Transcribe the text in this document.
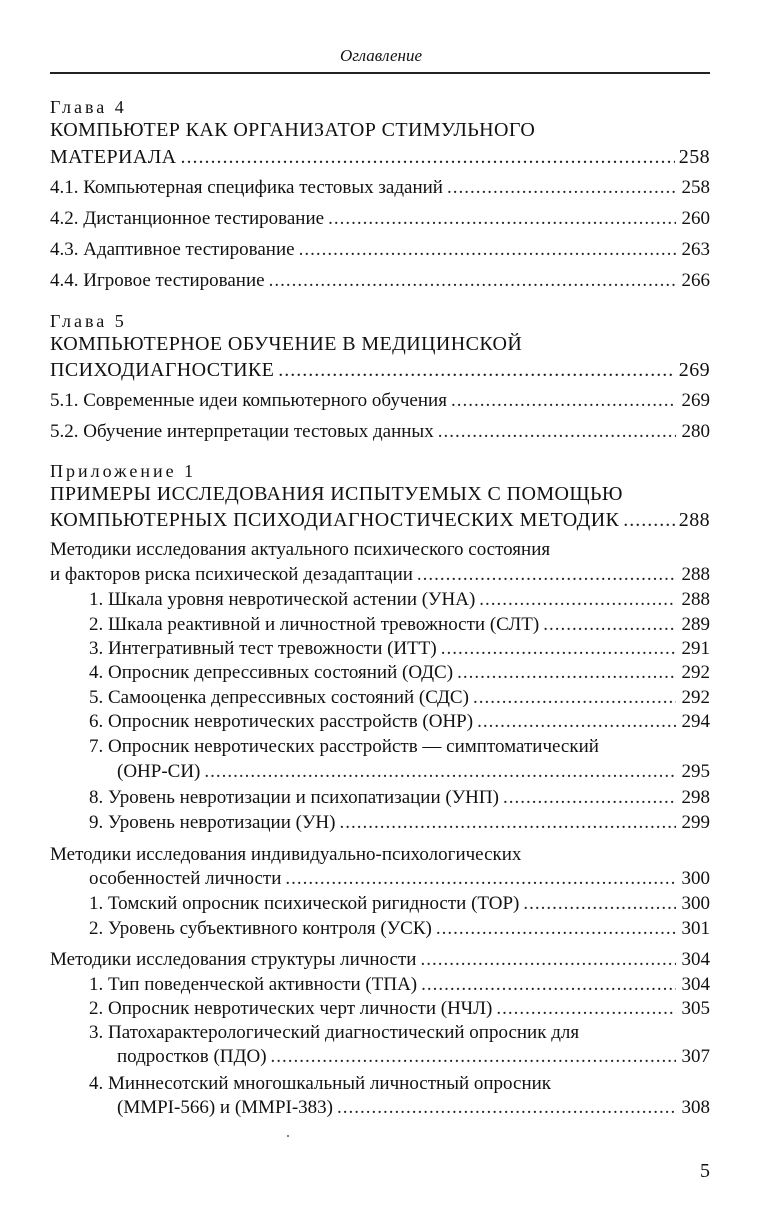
Оглавление
Глава 4
КОМПЬЮТЕР КАК ОРГАНИЗАТОР СТИМУЛЬНОГО
МАТЕРИАЛА .....	258
4.1. Компьютерная специфика тестовых заданий .....	258
4.2. Дистанционное тестирование .....	260
4.3. Адаптивное тестирование .....	263
4.4. Игровое тестирование .....	266
Глава 5
КОМПЬЮТЕРНОЕ ОБУЧЕНИЕ В МЕДИЦИНСКОЙ
ПСИХОДИАГНОСТИКЕ .....	269
5.1. Современные идеи компьютерного обучения .....	269
5.2. Обучение интерпретации тестовых данных .....	280
Приложение 1
ПРИМЕРЫ ИССЛЕДОВАНИЯ ИСПЫТУЕМЫХ С ПОМОЩЬЮ
КОМПЬЮТЕРНЫХ ПСИХОДИАГНОСТИЧЕСКИХ МЕТОДИК .....	288
Методики исследования актуального психического состояния
и факторов риска психической дезадаптации .....	288
1. Шкала уровня невротической астении (УНА) .....	288
2. Шкала реактивной и личностной тревожности (СЛТ) .....	289
3. Интегративный тест тревожности (ИТТ) .....	291
4. Опросник депрессивных состояний (ОДС) .....	292
5. Самооценка депрессивных состояний (СДС) .....	292
6. Опросник невротических расстройств (ОНР) .....	294
7. Опросник невротических расстройств — симптоматический
(ОНР-СИ) .....	295
8. Уровень невротизации и психопатизации (УНП) .....	298
9. Уровень невротизации (УН) .....	299
Методики исследования индивидуально-психологических
особенностей личности .....	300
1. Томский опросник психической ригидности (ТОР) .....	300
2. Уровень субъективного контроля (УСК) .....	301
Методики исследования структуры личности .....	304
1. Тип поведенческой активности (ТПА) .....	304
2. Опросник невротических черт личности (НЧЛ) .....	305
3. Патохарактерологический диагностический опросник для
подростков (ПДО) .....	307
4. Миннесотский многошкальный личностный опросник
(MMPI-566) и (MMPI-383) .....	308
5
